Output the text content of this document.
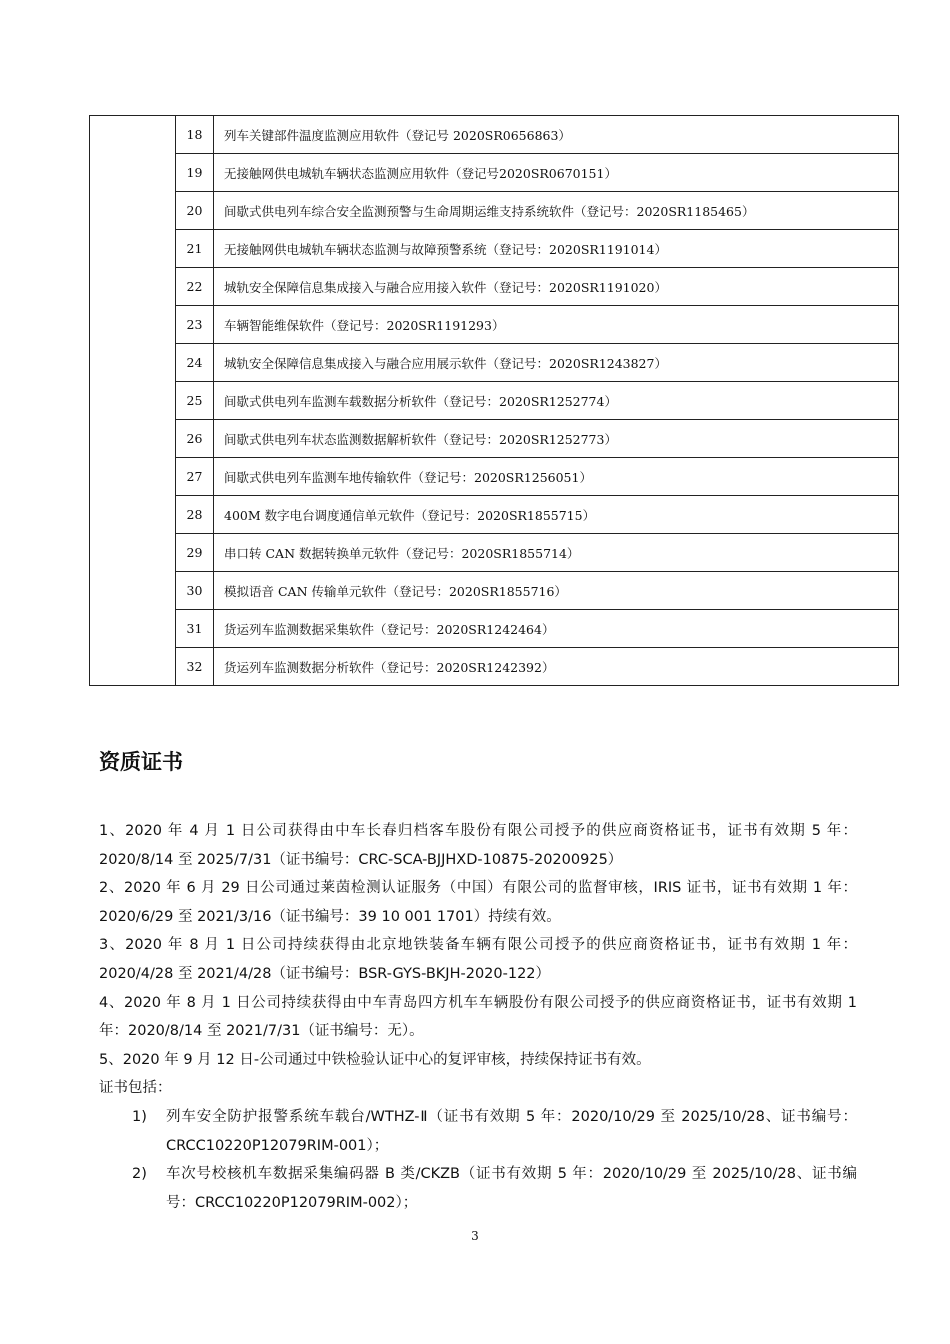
	18	列车关键部件温度监测应用软件（登记号 2020SR0656863）
	19	无接触网供电城轨车辆状态监测应用软件（登记号2020SR0670151）
	20	间歇式供电列车综合安全监测预警与生命周期运维支持系统软件（登记号：2020SR1185465）
	21	无接触网供电城轨车辆状态监测与故障预警系统（登记号：2020SR1191014）
	22	城轨安全保障信息集成接入与融合应用接入软件（登记号：2020SR1191020）
	23	车辆智能维保软件（登记号：2020SR1191293）
	24	城轨安全保障信息集成接入与融合应用展示软件（登记号：2020SR1243827）
	25	间歇式供电列车监测车载数据分析软件（登记号：2020SR1252774）
	26	间歇式供电列车状态监测数据解析软件（登记号：2020SR1252773）
	27	间歇式供电列车监测车地传输软件（登记号：2020SR1256051）
	28	400M 数字电台调度通信单元软件（登记号：2020SR1855715）
	29	串口转 CAN 数据转换单元软件（登记号：2020SR1855714）
	30	模拟语音 CAN 传输单元软件（登记号：2020SR1855716）
	31	货运列车监测数据采集软件（登记号：2020SR1242464）
	32	货运列车监测数据分析软件（登记号：2020SR1242392）
资质证书

1、2020 年 4 月 1 日公司获得由中车长春归档客车股份有限公司授予的供应商资格证书，证书有效期 5 年：2020/8/14 至 2025/7/31（证书编号：CRC-SCA-BJJHXD-10875-20200925）

2、2020 年 6 月 29 日公司通过莱茵检测认证服务（中国）有限公司的监督审核，IRIS 证书，证书有效期 1 年：2020/6/29 至 2021/3/16（证书编号：39 10 001 1701）持续有效。

3、2020 年 8 月 1 日公司持续获得由北京地铁装备车辆有限公司授予的供应商资格证书，证书有效期 1 年：2020/4/28 至 2021/4/28（证书编号：BSR-GYS-BKJH-2020-122）

4、2020 年 8 月 1 日公司持续获得由中车青岛四方机车车辆股份有限公司授予的供应商资格证书，证书有效期 1 年：2020/8/14 至 2021/7/31（证书编号：无）。

5、2020 年 9 月 12 日-公司通过中铁检验认证中心的复评审核，持续保持证书有效。

证书包括：

1) 列车安全防护报警系统车载台/WTHZ-Ⅱ（证书有效期 5 年：2020/10/29 至 2025/10/28、证书编号：CRCC10220P12079RIM-001）；
2) 车次号校核机车数据采集编码器 B 类/CKZB（证书有效期 5 年：2020/10/29 至 2025/10/28、证书编号：CRCC10220P12079RIM-002）；
3
